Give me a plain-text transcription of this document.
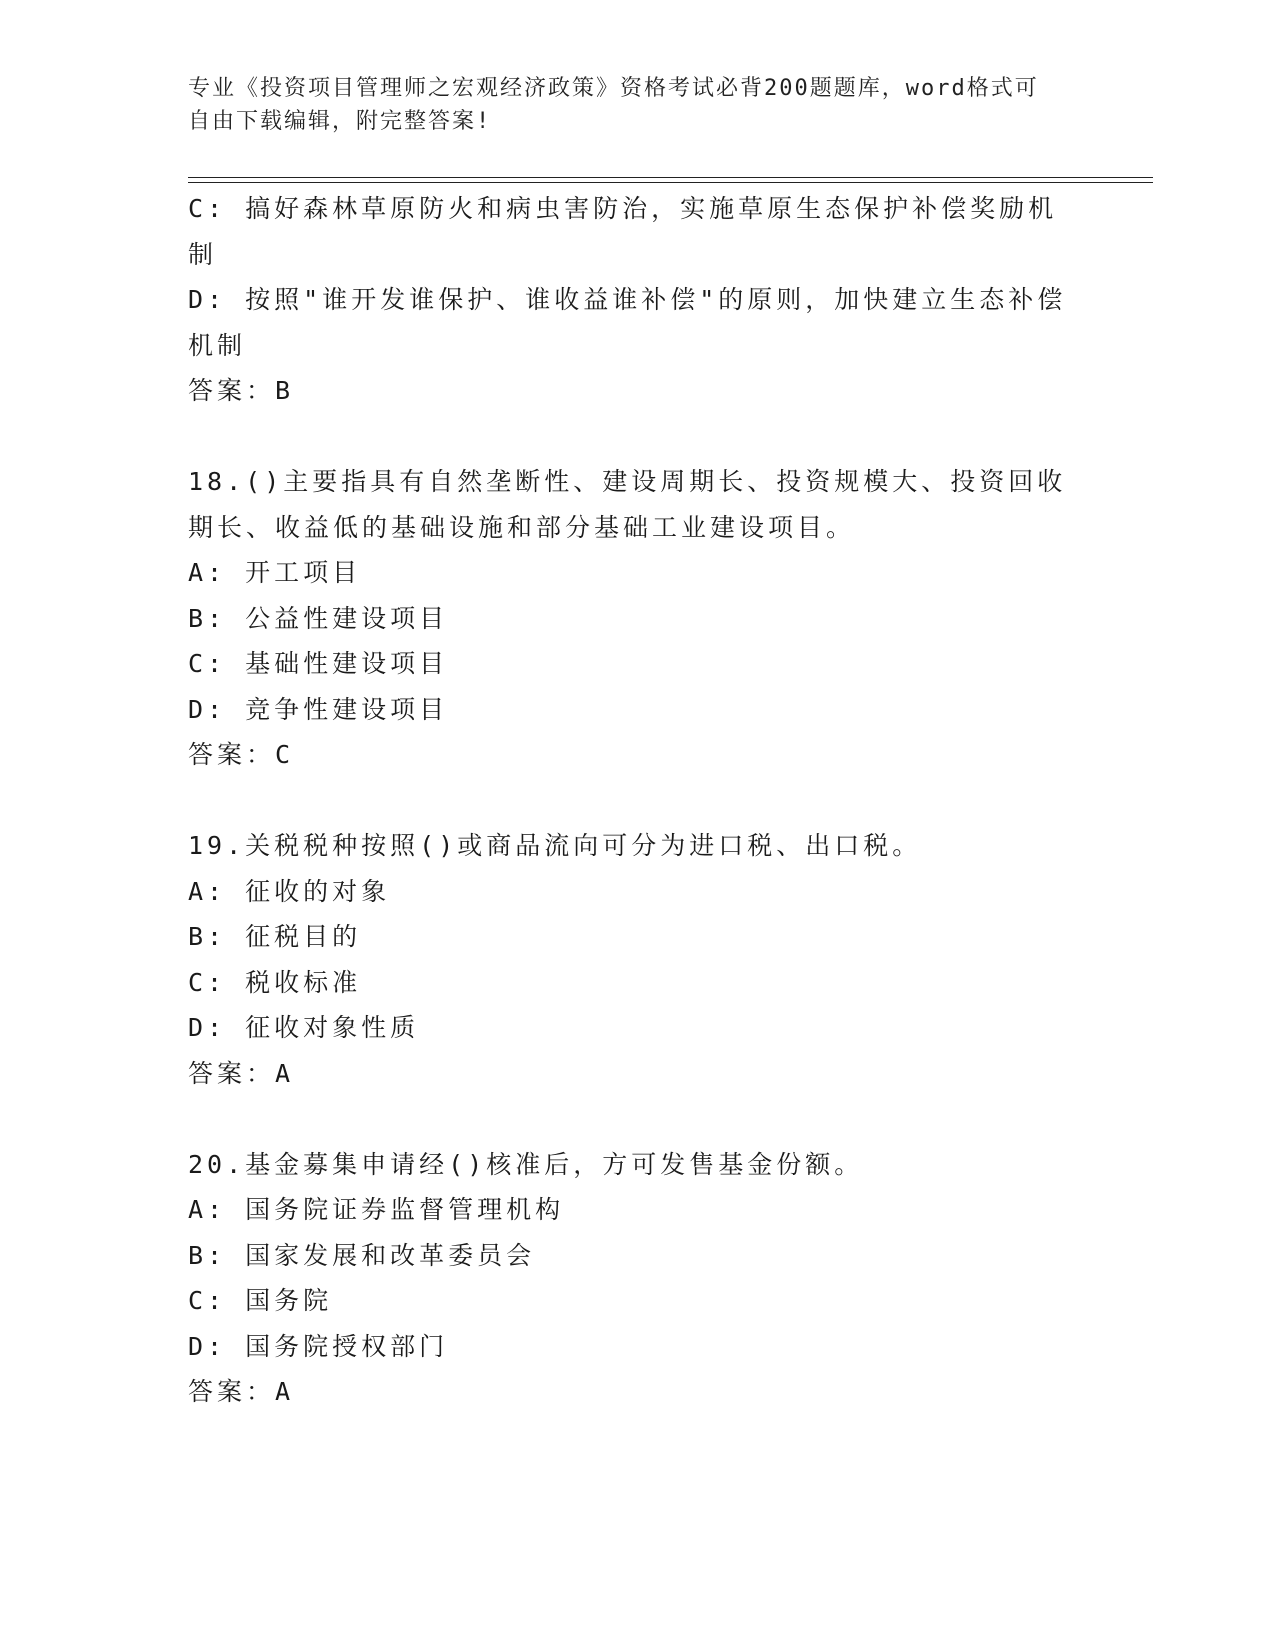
专业《投资项目管理师之宏观经济政策》资格考试必背200题题库，word格式可
自由下载编辑，附完整答案!

C: 搞好森林草原防火和病虫害防治，实施草原生态保护补偿奖励机制

D: 按照"谁开发谁保护、谁收益谁补偿"的原则，加快建立生态补偿机制

答案：B

18.()主要指具有自然垄断性、建设周期长、投资规模大、投资回收期长、收益低的基础设施和部分基础工业建设项目。

A: 开工项目

B: 公益性建设项目

C: 基础性建设项目

D: 竞争性建设项目

答案：C

19.关税税种按照()或商品流向可分为进口税、出口税。

A: 征收的对象

B: 征税目的

C: 税收标准

D: 征收对象性质

答案：A

20.基金募集申请经()核准后，方可发售基金份额。

A: 国务院证券监督管理机构

B: 国家发展和改革委员会

C: 国务院

D: 国务院授权部门

答案：A
